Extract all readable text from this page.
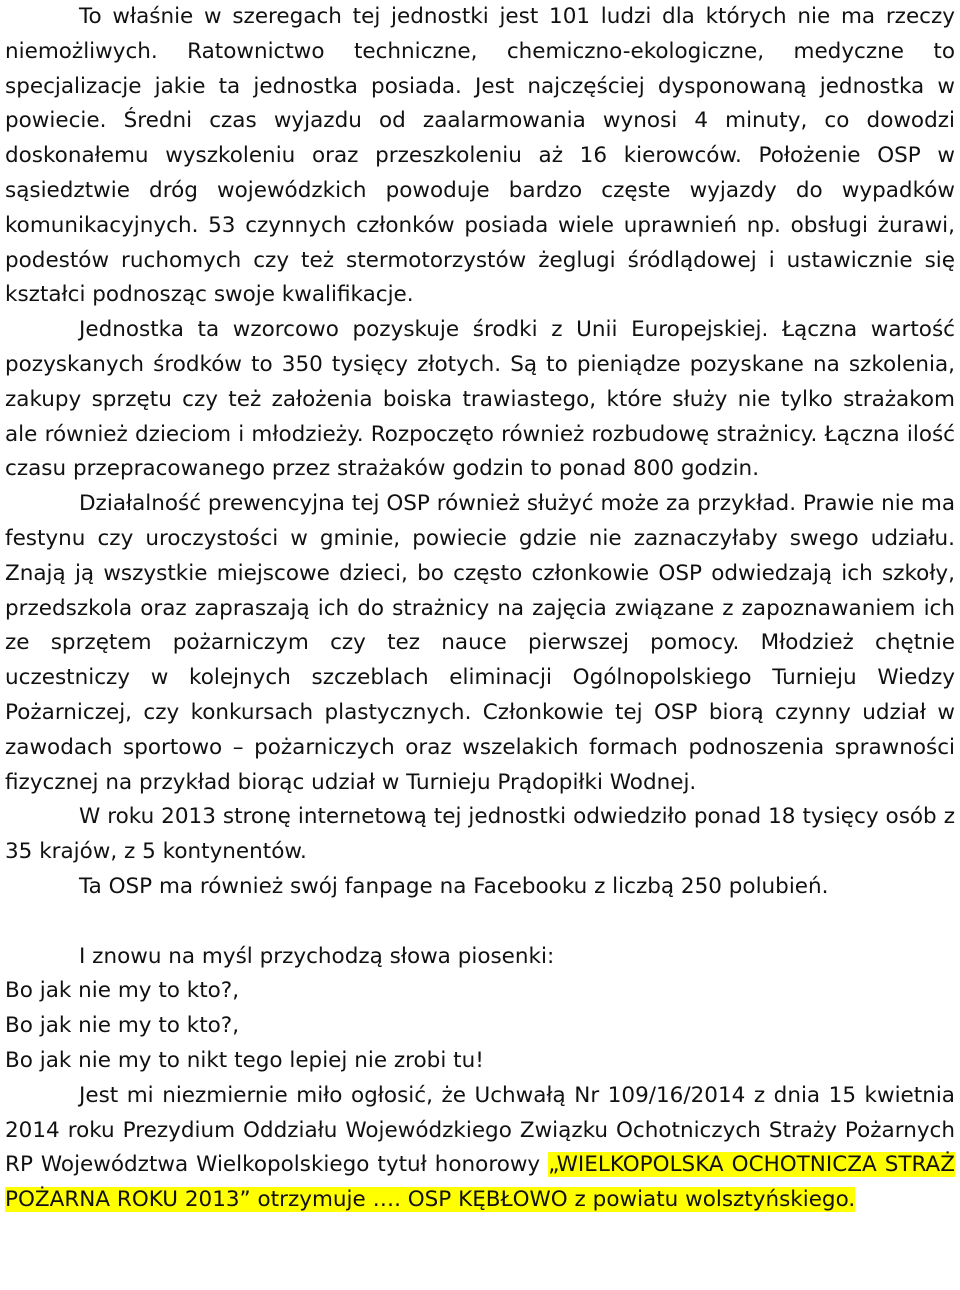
To właśnie w szeregach tej jednostki jest 101 ludzi dla których nie ma rzeczy niemożliwych. Ratownictwo techniczne, chemiczno-ekologiczne, medyczne to specjalizacje jakie ta jednostka posiada. Jest najczęściej dysponowaną jednostka w powiecie. Średni czas wyjazdu od zaalarmowania wynosi 4 minuty, co dowodzi doskonałemu wyszkoleniu oraz przeszkoleniu aż 16 kierowców. Położenie OSP w sąsiedztwie dróg wojewódzkich powoduje bardzo częste wyjazdy do wypadków komunikacyjnych. 53 czynnych członków posiada wiele uprawnień np. obsługi żurawi, podestów ruchomych czy też stermotorzystów żeglugi śródlądowej i ustawicznie się kształci podnosząc swoje kwalifikacje.

Jednostka ta wzorcowo pozyskuje środki z Unii Europejskiej. Łączna wartość pozyskanych środków to 350 tysięcy złotych. Są to pieniądze pozyskane na szkolenia, zakupy sprzętu czy też założenia boiska trawiastego, które służy nie tylko strażakom ale również dzieciom i młodzieży. Rozpoczęto również rozbudowę strażnicy. Łączna ilość czasu przepracowanego przez strażaków godzin to ponad 800 godzin.

Działalność prewencyjna tej OSP również służyć może za przykład. Prawie nie ma festynu czy uroczystości w gminie, powiecie gdzie nie zaznaczyłaby swego udziału. Znają ją wszystkie miejscowe dzieci, bo często członkowie OSP odwiedzają ich szkoły, przedszkola oraz zapraszają ich do strażnicy na zajęcia związane z zapoznawaniem ich ze sprzętem pożarniczym czy tez nauce pierwszej pomocy. Młodzież chętnie uczestniczy w kolejnych szczeblach eliminacji Ogólnopolskiego Turnieju Wiedzy Pożarniczej, czy konkursach plastycznych. Członkowie tej OSP biorą czynny udział w zawodach sportowo – pożarniczych oraz wszelakich formach podnoszenia sprawności fizycznej na przykład biorąc udział w Turnieju Prądopiłki Wodnej.

W roku 2013 stronę internetową tej jednostki odwiedziło ponad 18 tysięcy osób z 35 krajów, z 5 kontynentów.

Ta OSP ma również swój fanpage na Facebooku z liczbą 250 polubień.

I znowu na myśl przychodzą słowa piosenki:

Bo jak nie my to kto?,

Bo jak nie my to kto?,

Bo jak nie my to nikt tego lepiej nie zrobi tu!

Jest mi niezmiernie miło ogłosić, że Uchwałą Nr 109/16/2014 z dnia 15 kwietnia 2014 roku Prezydium Oddziału Wojewódzkiego Związku Ochotniczych Straży Pożarnych RP Województwa Wielkopolskiego tytuł honorowy „WIELKOPOLSKA OCHOTNICZA STRAŻ POŻARNA ROKU 2013” otrzymuje …. OSP KĘBŁOWO z powiatu wolsztyńskiego.
